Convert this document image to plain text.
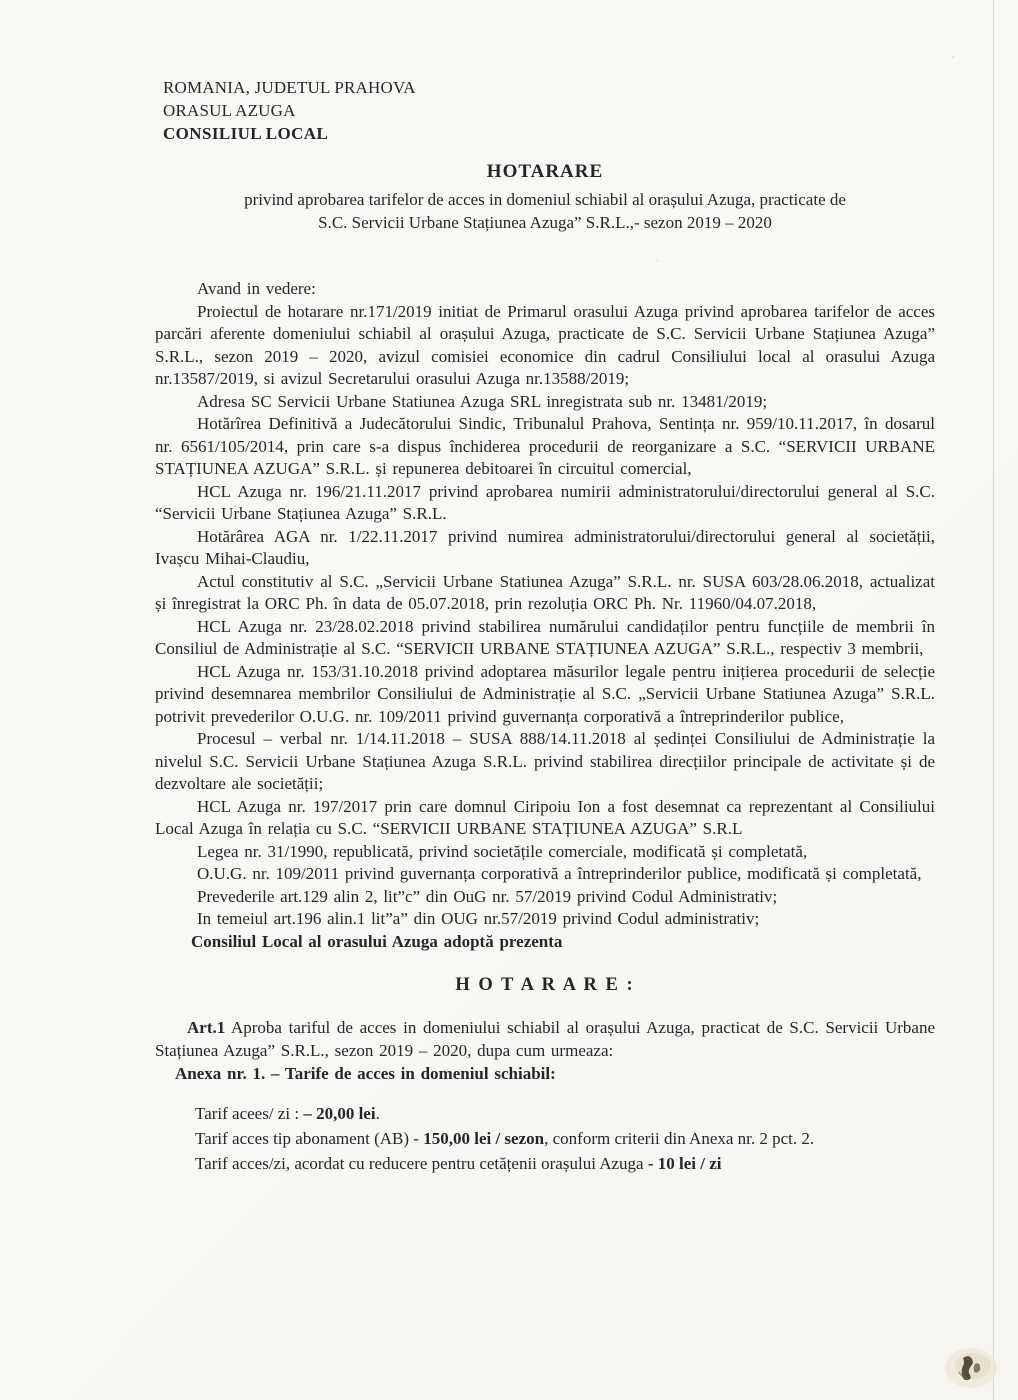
ROMANIA, JUDETUL PRAHOVA
ORASUL AZUGA
CONSILIUL LOCAL
HOTARARE
privind aprobarea tarifelor de acces in domeniul schiabil al orașului Azuga, practicate de
S.C. Servicii Urbane Stațiunea Azuga” S.R.L.,- sezon 2019 – 2020

Avand in vedere:

Proiectul de hotarare nr.171/2019 initiat de Primarul orasului Azuga privind aprobarea tarifelor de acces parcări aferente domeniului schiabil al orașului Azuga, practicate de S.C. Servicii Urbane Stațiunea Azuga” S.R.L., sezon 2019 – 2020, avizul comisiei economice din cadrul Consiliului local al orasului Azuga nr.13587/2019, si avizul Secretarului orasului Azuga nr.13588/2019;

Adresa SC Servicii Urbane Statiunea Azuga SRL inregistrata sub nr. 13481/2019;

Hotărîrea Definitivă a Judecătorului Sindic, Tribunalul Prahova, Sentința nr. 959/10.11.2017, în dosarul nr. 6561/105/2014, prin care s-a dispus închiderea procedurii de reorganizare a S.C. “SERVICII URBANE STAȚIUNEA AZUGA” S.R.L. și repunerea debitoarei în circuitul comercial,

HCL Azuga nr. 196/21.11.2017 privind aprobarea numirii administratorului/directorului general al S.C. “Servicii Urbane Stațiunea Azuga” S.R.L.

Hotărârea AGA nr. 1/22.11.2017 privind numirea administratorului/directorului general al societății, Ivașcu Mihai-Claudiu,

Actul constitutiv al S.C. „Servicii Urbane Statiunea Azuga” S.R.L. nr. SUSA 603/28.06.2018, actualizat și înregistrat la ORC Ph. în data de 05.07.2018, prin rezoluția ORC Ph. Nr. 11960/04.07.2018,

HCL Azuga nr. 23/28.02.2018 privind stabilirea numărului candidaților pentru funcțiile de membrii în Consiliul de Administrație al S.C. “SERVICII URBANE STAȚIUNEA AZUGA” S.R.L., respectiv 3 membrii,

HCL Azuga nr. 153/31.10.2018 privind adoptarea măsurilor legale pentru inițierea procedurii de selecție privind desemnarea membrilor Consiliului de Administrație al S.C. „Servicii Urbane Statiunea Azuga” S.R.L. potrivit prevederilor O.U.G. nr. 109/2011 privind guvernanța corporativă a întreprinderilor publice,

Procesul – verbal nr. 1/14.11.2018 – SUSA 888/14.11.2018 al ședinței Consiliului de Administrație la nivelul S.C. Servicii Urbane Stațiunea Azuga S.R.L. privind stabilirea direcțiilor principale de activitate și de dezvoltare ale societății;

HCL Azuga nr. 197/2017 prin care domnul Ciripoiu Ion a fost desemnat ca reprezentant al Consiliului Local Azuga în relația cu S.C. “SERVICII URBANE STAȚIUNEA AZUGA” S.R.L

Legea nr. 31/1990, republicată, privind societățile comerciale, modificată și completată,

O.U.G. nr. 109/2011 privind guvernanța corporativă a întreprinderilor publice, modificată și completată,

Prevederile art.129 alin 2, lit”c” din OuG nr. 57/2019 privind Codul Administrativ;

In temeiul art.196 alin.1 lit”a” din OUG nr.57/2019 privind Codul administrativ;

Consiliul Local al orasului Azuga adoptă prezenta

H O T A R A R E :

Art.1 Aproba tariful de acces in domeniului schiabil al orașului Azuga, practicat de S.C. Servicii Urbane Stațiunea Azuga” S.R.L., sezon 2019 – 2020, dupa cum urmeaza:

Anexa nr. 1. – Tarife de acces in domeniul schiabil:

Tarif acees/ zi : – 20,00 lei.

Tarif acces tip abonament (AB) - 150,00 lei / sezon, conform criterii din Anexa nr. 2 pct. 2.

Tarif acces/zi, acordat cu reducere pentru cetățenii orașului Azuga - 10 lei / zi

᾿
ʼ
